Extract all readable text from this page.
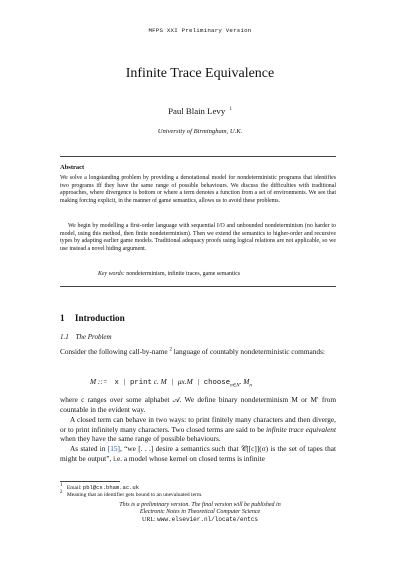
MFPS XXI Preliminary Version
Infinite Trace Equivalence
Paul Blain Levy $^1$
University of Birmingham, U.K.
Abstract
We solve a longstanding problem by providing a denotational model for nondeterministic programs that identifies two programs iff they have the same range of possible behaviours. We discuss the difficulties with traditional approaches, where divergence is bottom or where a term denotes a function from a set of environments. We see that making forcing explicit, in the manner of game semantics, allows us to avoid these problems.
We begin by modelling a first-order language with sequential I/O and unbounded nondeterminism (no harder to model, using this method, then finite nondeterminism). Then we extend the semantics to higher-order and recursive types by adapting earlier game models. Traditional adequacy proofs using logical relations are not applicable, so we use instead a novel hiding argument.
Key words: nondeterminism, infinite traces, game semantics
1 Introduction
1.1 The Problem
Consider the following call-by-name $^2$ language of countably nondeterministic commands:
M ::= x | print c. M | μx.M | choose$_{n\in N}$. $M_n$
where c ranges over some alphabet 𝒜. We define binary nondeterminism M or M′ from countable in the evident way.
A closed term can behave in two ways: to print finitely many characters and then diverge, or to print infinitely many characters. Two closed terms are said to be infinite trace equivalent when they have the same range of possible behaviours.
As stated in [15], “we [. . .] desire a semantics such that 𝒞[[c]](σ) is the set of tapes that might be output”, i.e. a model whose kernel on closed terms is infinite
1 Email: pbl@cs.bham.ac.uk
2 Meaning that an identifier gets bound to an unevaluated term.
This is a preliminary version. The final version will be published in
Electronic Notes in Theoretical Computer Science
URL: www.elsevier.nl/locate/entcs
